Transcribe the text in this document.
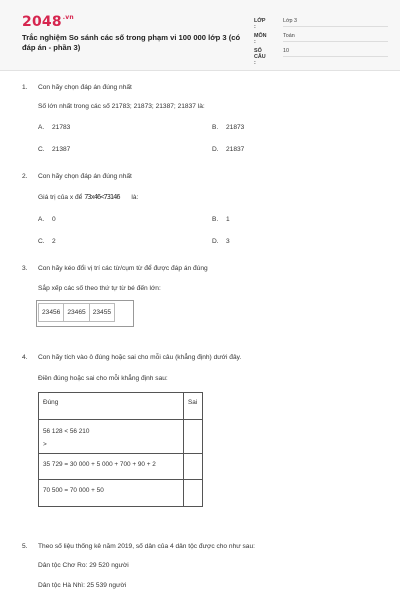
$2048^{.vn}$
Trắc nghiệm So sánh các số trong phạm vi 100 000 lớp 3 (có đáp án - phần 3)
LỚP :
Lớp 3
MÔN :
Toán
SỐ CÂU :
10
1. Con hãy chọn đáp án đúng nhất
Số lớn nhất trong các số 21783; 21873; 21387; 21837 là:
A. 21783	B. 21873
C. 21387	D. 21837
2. Con hãy chọn đáp án đúng nhất
Giá trị của x để 73x46<73146 là:
A. 0	B. 1
C. 2	D. 3
3. Con hãy kéo đổi vị trí các từ/cụm từ để được đáp án đúng
Sắp xếp các số theo thứ tự từ bé đến lớn:
23456	23465	23455
4. Con hãy tích vào ô đúng hoặc sai cho mỗi câu (khẳng định) dưới đây.
Điền đúng hoặc sai cho mỗi khẳng định sau:
Đúng	Sai
56 128 < 56 210	
>	
35 729 = 30 000 + 5 000 + 700 + 90 + 2	
70 500 = 70 000 + 50	
5. Theo số liệu thống kê năm 2019, số dân của 4 dân tộc được cho như sau:
Dân tộc Chơ Ro: 29 520 người
Dân tộc Hà Nhì: 25 539 người
